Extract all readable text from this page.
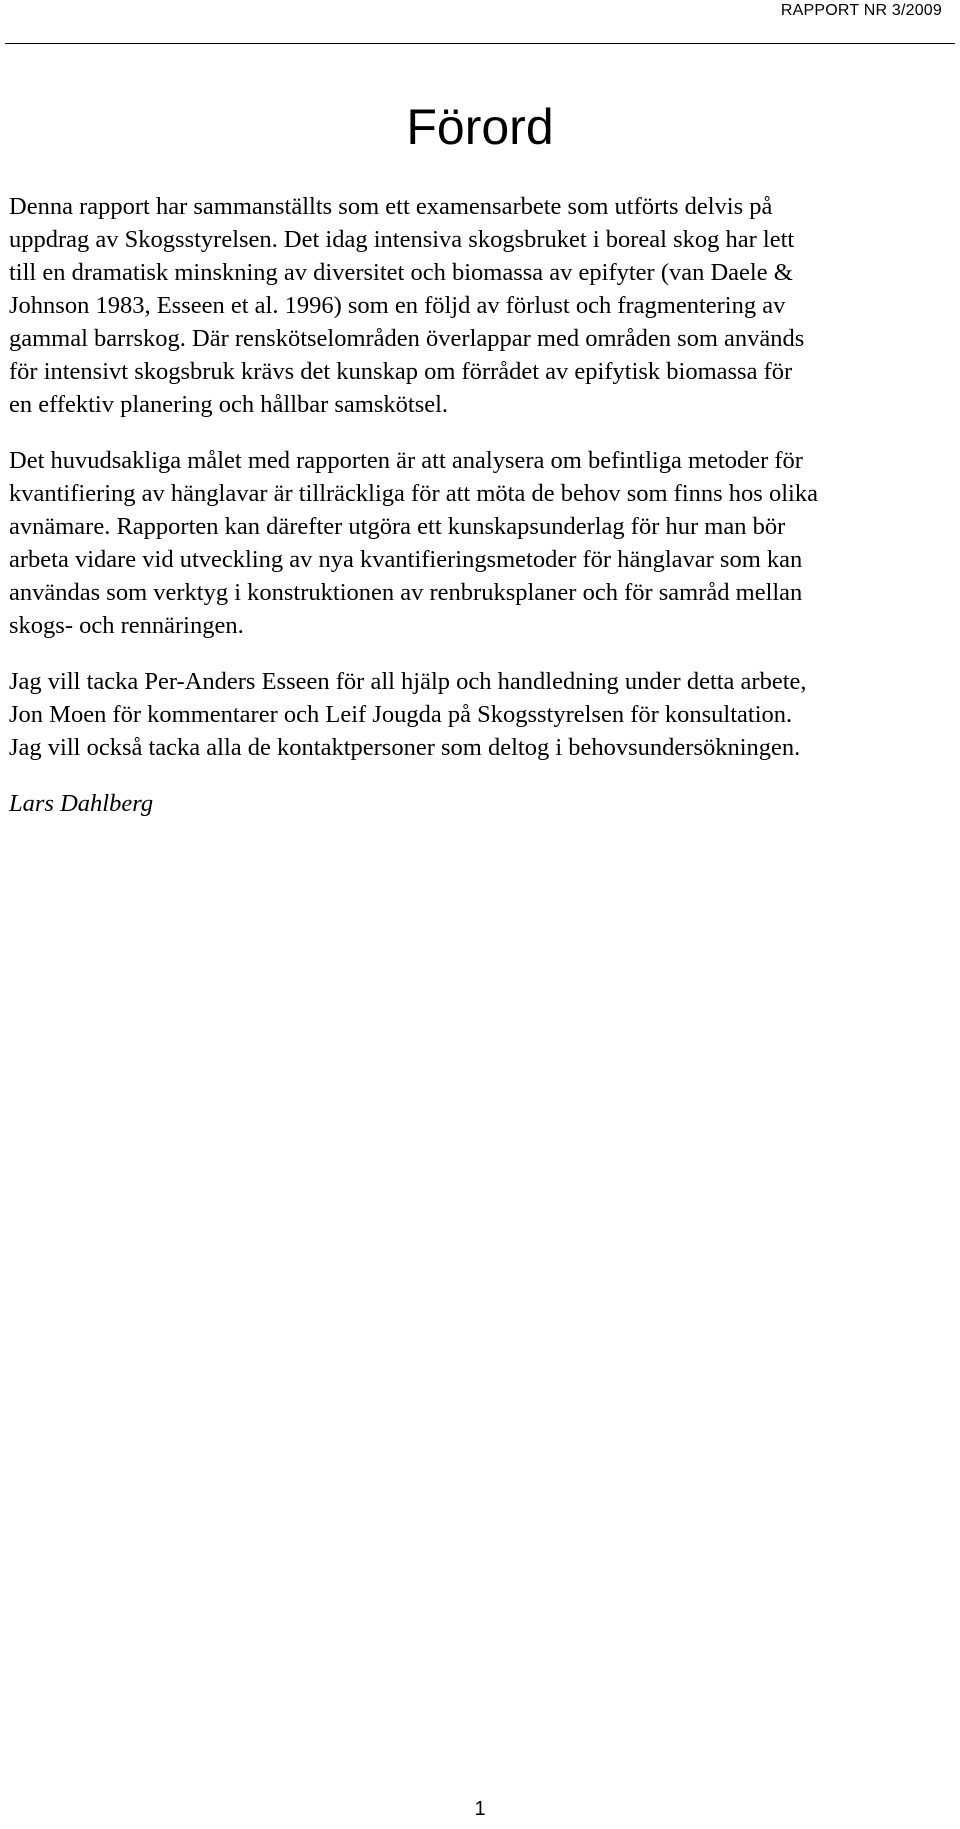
RAPPORT NR 3/2009
Förord

Denna rapport har sammanställts som ett examensarbete som utförts delvis på
uppdrag av Skogsstyrelsen. Det idag intensiva skogsbruket i boreal skog har lett
till en dramatisk minskning av diversitet och biomassa av epifyter (van Daele &
Johnson 1983, Esseen et al. 1996) som en följd av förlust och fragmentering av
gammal barrskog. Där renskötselområden överlappar med områden som används
för intensivt skogsbruk krävs det kunskap om förrådet av epifytisk biomassa för
en effektiv planering och hållbar samskötsel.

Det huvudsakliga målet med rapporten är att analysera om befintliga metoder för
kvantifiering av hänglavar är tillräckliga för att möta de behov som finns hos olika
avnämare. Rapporten kan därefter utgöra ett kunskapsunderlag för hur man bör
arbeta vidare vid utveckling av nya kvantifieringsmetoder för hänglavar som kan
användas som verktyg i konstruktionen av renbruksplaner och för samråd mellan
skogs- och rennäringen.

Jag vill tacka Per-Anders Esseen för all hjälp och handledning under detta arbete,
Jon Moen för kommentarer och Leif Jougda på Skogsstyrelsen för konsultation.
Jag vill också tacka alla de kontaktpersoner som deltog i behovsundersökningen.

Lars Dahlberg

1
